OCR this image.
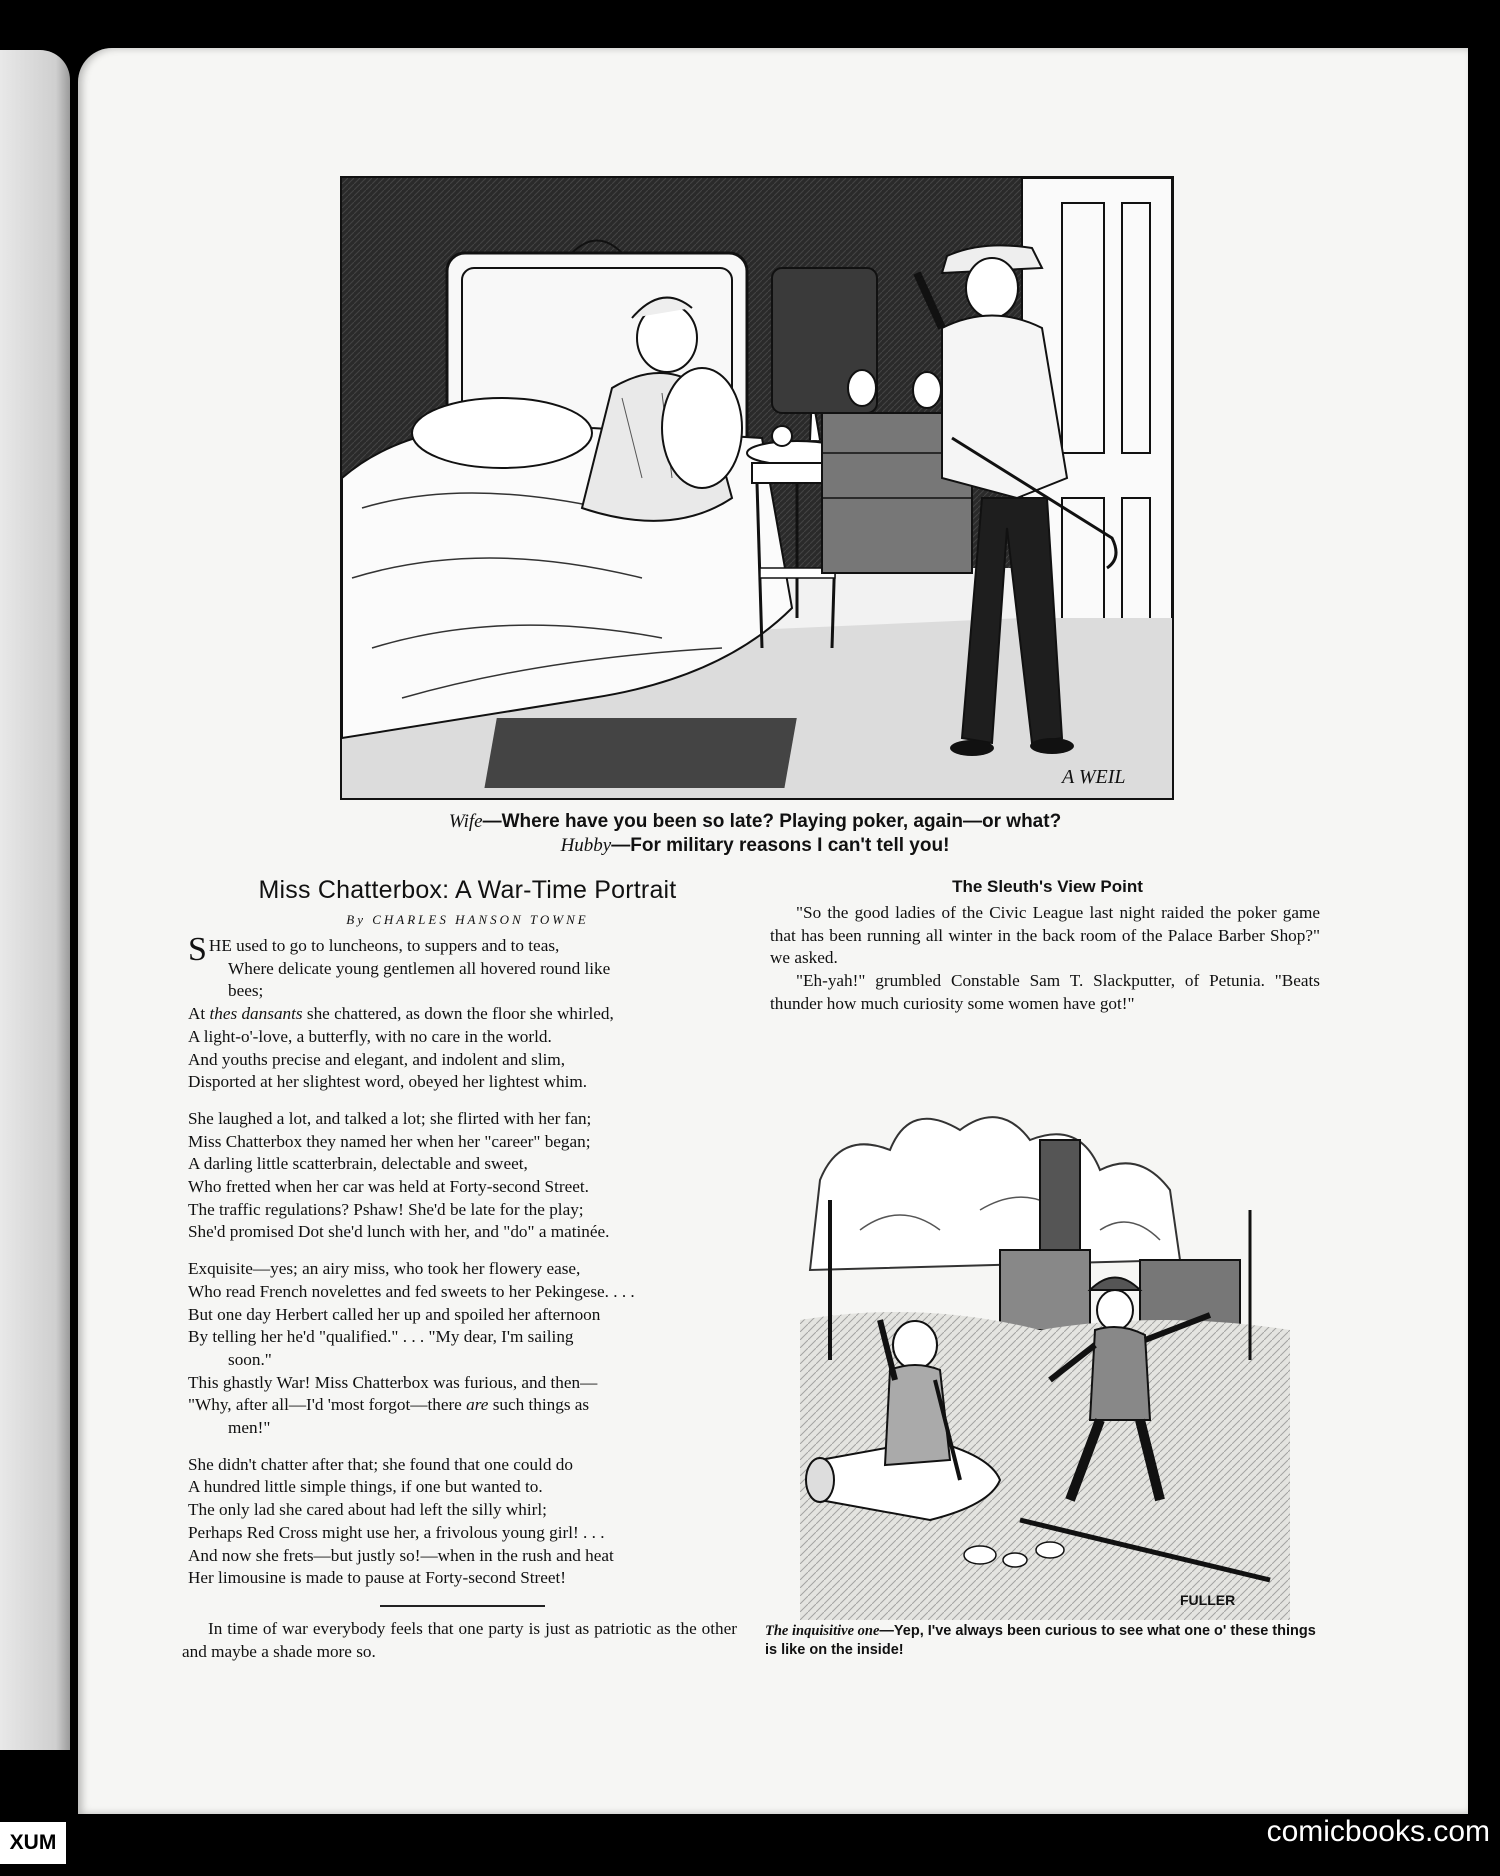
A WEIL
Wife—Where have you been so late? Playing poker, again—or what?
Hubby—For military reasons I can't tell you!
Miss Chatterbox: A War-Time Portrait
By CHARLES HANSON TOWNE
SHE used to go to luncheons, to suppers and to teas,
Where delicate young gentlemen all hovered round like
bees;
At thes dansants she chattered, as down the floor she whirled,
A light-o'-love, a butterfly, with no care in the world.
And youths precise and elegant, and indolent and slim,
Disported at her slightest word, obeyed her lightest whim.
She laughed a lot, and talked a lot; she flirted with her fan;
Miss Chatterbox they named her when her "career" began;
A darling little scatterbrain, delectable and sweet,
Who fretted when her car was held at Forty-second Street.
The traffic regulations? Pshaw! She'd be late for the play;
She'd promised Dot she'd lunch with her, and "do" a matinée.
Exquisite—yes; an airy miss, who took her flowery ease,
Who read French novelettes and fed sweets to her Pekingese. . . .
But one day Herbert called her up and spoiled her afternoon
By telling her he'd "qualified." . . . "My dear, I'm sailing
soon."
This ghastly War! Miss Chatterbox was furious, and then—
"Why, after all—I'd 'most forgot—there are such things as
men!"
She didn't chatter after that; she found that one could do
A hundred little simple things, if one but wanted to.
The only lad she cared about had left the silly whirl;
Perhaps Red Cross might use her, a frivolous young girl! . . .
And now she frets—but justly so!—when in the rush and heat
Her limousine is made to pause at Forty-second Street!
In time of war everybody feels that one party is just as patriotic as the other and maybe a shade more so.
The Sleuth's View Point

"So the good ladies of the Civic League last night raided the poker game that has been running all winter in the back room of the Palace Barber Shop?" we asked.

"Eh-yah!" grumbled Constable Sam T. Slackputter, of Petunia. "Beats thunder how much curiosity some women have got!"

FULLER
The inquisitive one—Yep, I've always been curious to see what one o' these things is like on the inside!
XUM	comicbooks.com
